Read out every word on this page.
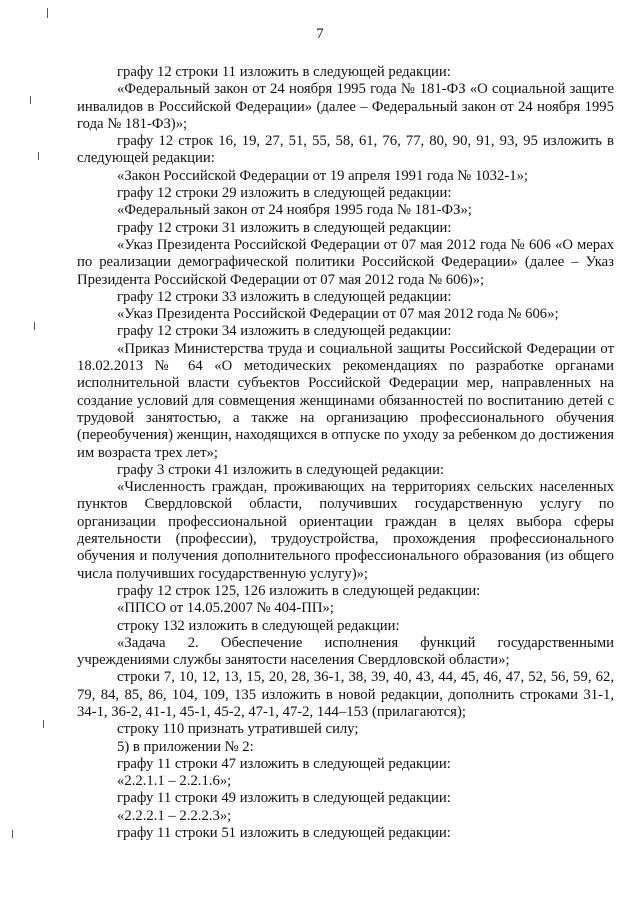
7

графу 12 строки 11 изложить в следующей редакции:

«Федеральный закон от 24 ноября 1995 года № 181-ФЗ «О социальной защите инвалидов в Российской Федерации» (далее – Федеральный закон от 24 ноября 1995 года № 181-ФЗ)»;

графу 12 строк 16, 19, 27, 51, 55, 58, 61, 76, 77, 80, 90, 91, 93, 95 изложить в следующей редакции:

«Закон Российской Федерации от 19 апреля 1991 года № 1032-1»;

графу 12 строки 29 изложить в следующей редакции:

«Федеральный закон от 24 ноября 1995 года № 181-ФЗ»;

графу 12 строки 31 изложить в следующей редакции:

«Указ Президента Российской Федерации от 07 мая 2012 года № 606 «О мерах по реализации демографической политики Российской Федерации» (далее – Указ Президента Российской Федерации от 07 мая 2012 года № 606)»;

графу 12 строки 33 изложить в следующей редакции:

«Указ Президента Российской Федерации от 07 мая 2012 года № 606»;

графу 12 строки 34 изложить в следующей редакции:

«Приказ Министерства труда и социальной защиты Российской Федерации от 18.02.2013 № 64 «О методических рекомендациях по разработке органами исполнительной власти субъектов Российской Федерации мер, направленных на создание условий для совмещения женщинами обязанностей по воспитанию детей с трудовой занятостью, а также на организацию профессионального обучения (переобучения) женщин, находящихся в отпуске по уходу за ребенком до достижения им возраста трех лет»;

графу 3 строки 41 изложить в следующей редакции:

«Численность граждан, проживающих на территориях сельских населенных пунктов Свердловской области, получивших государственную услугу по организации профессиональной ориентации граждан в целях выбора сферы деятельности (профессии), трудоустройства, прохождения профессионального обучения и получения дополнительного профессионального образования (из общего числа получивших государственную услугу)»;

графу 12 строк 125, 126 изложить в следующей редакции:

«ППСО от 14.05.2007 № 404-ПП»;

строку 132 изложить в следующей редакции:

«Задача 2. Обеспечение исполнения функций государственными учреждениями службы занятости населения Свердловской области»;

строки 7, 10, 12, 13, 15, 20, 28, 36-1, 38, 39, 40, 43, 44, 45, 46, 47, 52, 56, 59, 62, 79, 84, 85, 86, 104, 109, 135 изложить в новой редакции, дополнить строками 31-1, 34-1, 36-2, 41-1, 45-1, 45-2, 47-1, 47-2, 144–153 (прилагаются);

строку 110 признать утратившей силу;

5) в приложении № 2:

графу 11 строки 47 изложить в следующей редакции:

«2.2.1.1 – 2.2.1.6»;

графу 11 строки 49 изложить в следующей редакции:

«2.2.2.1 – 2.2.2.3»;

графу 11 строки 51 изложить в следующей редакции:
